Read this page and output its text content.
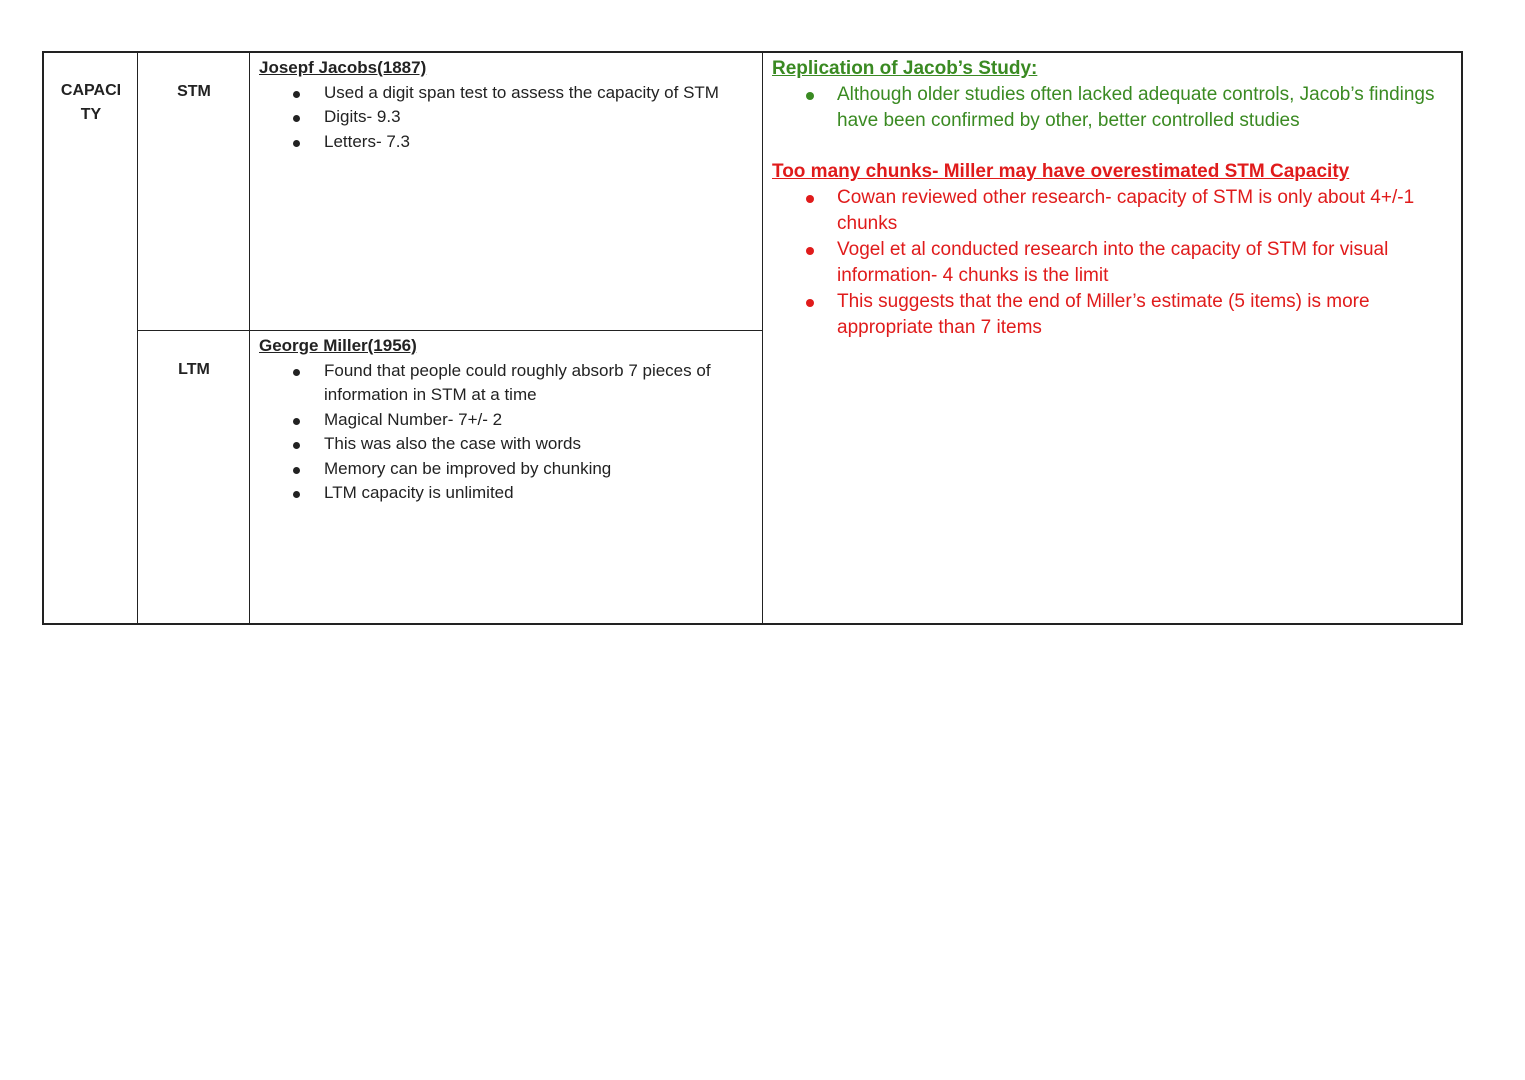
CAPACITY
STM
LTM
Josepf Jacobs(1887)
Used a digit span test to assess the capacity of STM
Digits- 9.3
Letters- 7.3
George Miller(1956)
Found that people could roughly absorb 7 pieces of information in STM at a time
Magical Number- 7+/- 2
This was also the case with words
Memory can be improved by chunking
LTM capacity is unlimited
Replication of Jacob’s Study:
Although older studies often lacked adequate controls, Jacob’s findings have been confirmed by other, better controlled studies
Too many chunks- Miller may have overestimated STM Capacity
Cowan reviewed other research- capacity of STM is only about 4+/-1 chunks
Vogel et al conducted research into the capacity of STM for visual information- 4 chunks is the limit
This suggests that the end of Miller’s estimate (5 items) is more appropriate than 7 items
